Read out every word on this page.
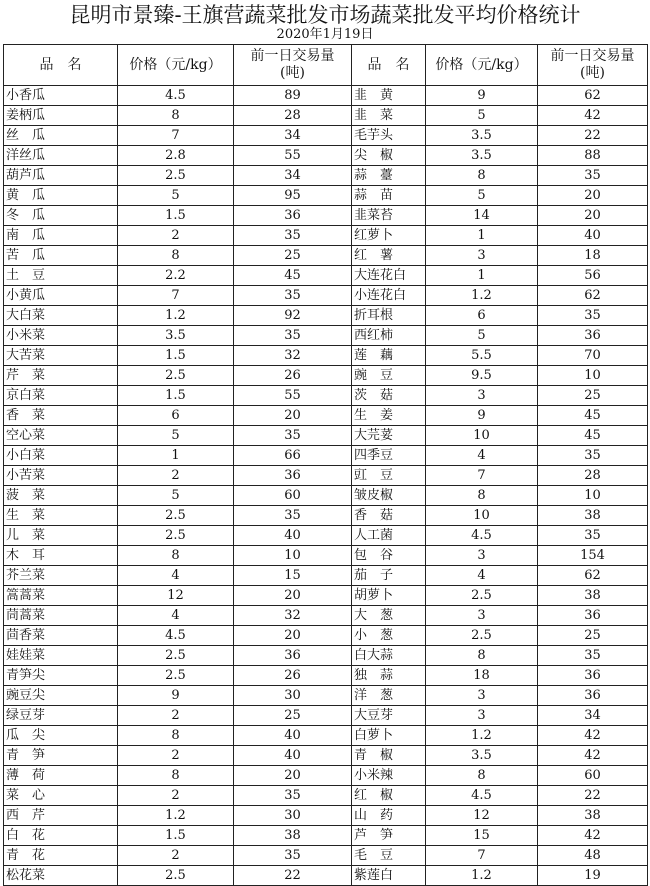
昆明市景臻-王旗营蔬菜批发市场蔬菜批发平均价格统计
2020年1月19日
品　名	价格（元/kg）	前一日交易量
(吨)	品　名	价格（元/kg）	前一日交易量
(吨)
小香瓜	4.5	89	韭　黄	9	62
姜柄瓜	8	28	韭　菜	5	42
丝　瓜	7	34	毛芋头	3.5	22
洋丝瓜	2.8	55	尖　椒	3.5	88
葫芦瓜	2.5	34	蒜　薹	8	35
黄　瓜	5	95	蒜　苗	5	20
冬　瓜	1.5	36	韭菜苔	14	20
南　瓜	2	35	红萝卜	1	40
苦　瓜	8	25	红　薯	3	18
土　豆	2.2	45	大连花白	1	56
小黄瓜	7	35	小连花白	1.2	62
大白菜	1.2	92	折耳根	6	35
小米菜	3.5	35	西红柿	5	36
大苦菜	1.5	32	莲　藕	5.5	70
芹　菜	2.5	26	豌　豆	9.5	10
京白菜	1.5	55	茨　菇	3	25
香　菜	6	20	生　姜	9	45
空心菜	5	35	大芫荽	10	45
小白菜	1	66	四季豆	4	35
小苦菜	2	36	豇　豆	7	28
菠　菜	5	60	皱皮椒	8	10
生　菜	2.5	35	香　菇	10	38
儿　菜	2.5	40	人工菌	4.5	35
木　耳	8	10	包　谷	3	154
芥兰菜	4	15	茄　子	4	62
篙蒿菜	12	20	胡萝卜	2.5	38
茼蒿菜	4	32	大　葱	3	36
茴香菜	4.5	20	小　葱	2.5	25
娃娃菜	2.5	36	白大蒜	8	35
青笋尖	2.5	26	独　蒜	18	36
豌豆尖	9	30	洋　葱	3	36
绿豆芽	2	25	大豆芽	3	34
瓜　尖	8	40	白萝卜	1.2	42
青　笋	2	40	青　椒	3.5	42
薄　荷	8	20	小米辣	8	60
菜　心	2	35	红　椒	4.5	22
西　芹	1.2	30	山　药	12	38
白　花	1.5	38	芦　笋	15	42
青　花	2	35	毛　豆	7	48
松花菜	2.5	22	紫莲白	1.2	19
